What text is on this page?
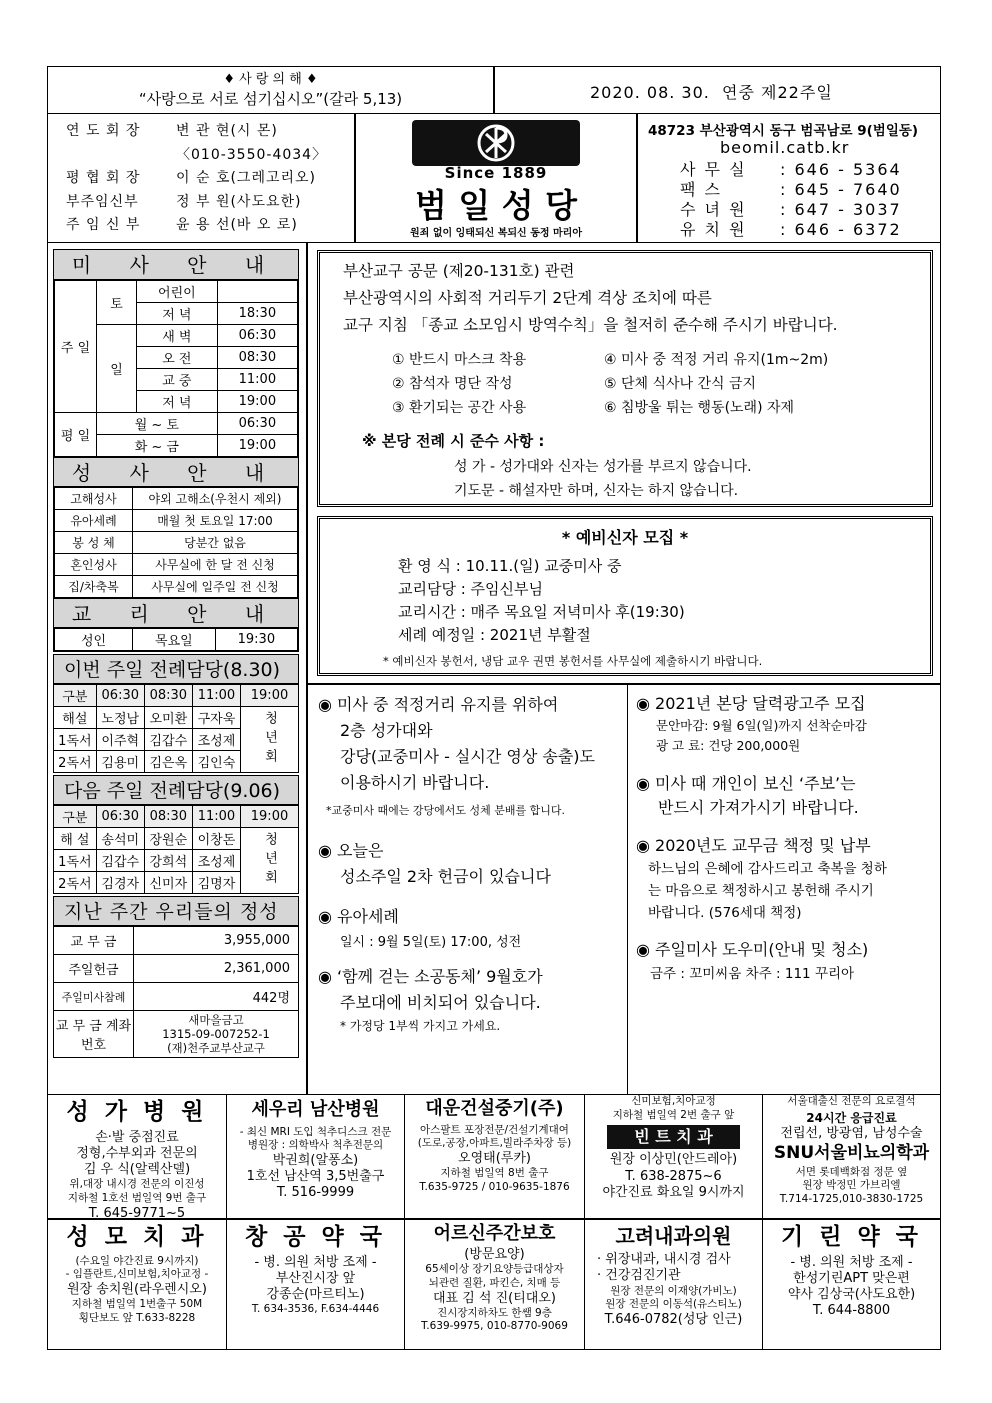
♦ 사 랑 의 해 ♦
“사랑으로 서로 섬기십시오”(갈라 5,13)	2020. 08. 30. 연중 제22주일
연 도 회 장	변 관 현(시 몬)
〈010-3550-4034〉
평 협 회 장	이 순 호(그레고리오)
부주임신부	정 부 원(사도요한)
주 임 신 부	윤 용 선(바 오 로)
Since 1889
범 일 성 당
원죄 없이 잉태되신 복되신 동정 마리아
48723 부산광역시 동구 범곡남로 9(범일동)
beomil.catb.kr
사 무 실 : 646 - 5364
팩 스	: 645 - 7640
수 녀 원 : 647 - 3037
유 치 원 : 646 - 6372
미 사 안 내
주 일	토	어린이	
		저 녁	18:30
	일	새 벽	06:30
		오 전	08:30
		교 중	11:00
		저 녁	19:00
평 일	월 ~ 토		06:30
	화 ~ 금		19:00
성 사 안 내
고해성사	야외 고해소(우천시 제외)
유아세례	매월 첫 토요일 17:00
봉 성 체	당분간 없음
혼인성사	사무실에 한 달 전 신청
집/차축복	사무실에 일주일 전 신청
교 리 안 내
성인	목요일	19:30
이번 주일 전례담당(8.30)
구분	06:30	08:30	11:00	19:00
해설	노정남	오미환	구자욱	청년회
1독서	이주혁	김갑수	조성제	
2독서	김용미	김은옥	김인숙	
다음 주일 전례담당(9.06)
구분	06:30	08:30	11:00	19:00
해 설	송석미	장원순	이창돈	청년회
1독서	김갑수	강희석	조성제	
2독서	김경자	신미자	김명자	
지난 주간 우리들의 정성
교 무 금	3,955,000
주일헌금	2,361,000
주일미사참례	442명
교 무 금 계좌번호	새마을금고
1315-09-007252-1
(재)천주교부산교구
부산교구 공문 (제20-131호) 관련
부산광역시의 사회적 거리두기 2단계 격상 조치에 따른
교구 지침 「종교 소모임시 방역수칙」을 철저히 준수해 주시기 바랍니다.
① 반드시 마스크 착용	④ 미사 중 적정 거리 유지(1m~2m)
② 참석자 명단 작성	⑤ 단체 식사나 간식 금지
③ 환기되는 공간 사용	⑥ 침방울 튀는 행동(노래) 자제
※ 본당 전례 시 준수 사항 :
성 가 - 성가대와 신자는 성가를 부르지 않습니다.
기도문 - 해설자만 하며, 신자는 하지 않습니다.
* 예비신자 모집 *
환 영 식 : 10.11.(일) 교중미사 중
교리담당 : 주임신부님
교리시간 : 매주 목요일 저녁미사 후(19:30)
세례 예정일 : 2021년 부활절
* 예비신자 봉헌서, 냉담 교우 권면 봉헌서를 사무실에 제출하시기 바랍니다.
◉ 미사 중 적정거리 유지를 위하여
2층 성가대와
강당(교중미사 - 실시간 영상 송출)도
이용하시기 바랍니다.
*교중미사 때에는 강당에서도 성체 분배를 합니다.
◉ 오늘은
성소주일 2차 헌금이 있습니다
◉ 유아세례
일시 : 9월 5일(토) 17:00, 성전
◉ ‘함께 걷는 소공동체’ 9월호가
주보대에 비치되어 있습니다.
* 가정당 1부씩 가지고 가세요.
◉ 2021년 본당 달력광고주 모집
문안마감: 9월 6일(일)까지 선착순마감
광 고 료: 건당 200,000원
◉ 미사 때 개인이 보신 ‘주보’는
반드시 가져가시기 바랍니다.
◉ 2020년도 교무금 책정 및 납부
하느님의 은혜에 감사드리고 축복을 청하
는 마음으로 책정하시고 봉헌해 주시기
바랍니다. (576세대 책정)
◉ 주일미사 도우미(안내 및 청소)
금주 : 꼬미씨움 차주 : 111 꾸리아
성 가 병 원
손·발 중점진료
정형,수부외과 전문의
김 우 식(알렉산델)
위,대장 내시경 전문의 이진성
지하철 1호선 범일역 9번 출구
T. 645-9771~5
세우리 남산병원
- 최신 MRI 도입 척추디스크 전문
병원장 : 의학박사 척추전문의
박권희(알퐁소)
1호선 남산역 3,5번출구
T. 516-9999
대운건설중기(주)
아스팔트 포장전문/건설기계대여
(도로,공장,아파트,빌라주차장 등)
오영태(루카)
지하철 범일역 8번 출구
T.635-9725 / 010-9635-1876
신미보험,치아교정
지하철 범일역 2번 출구 앞
빈 트 치 과
원장 이상민(안드레아)
T. 638-2875~6
야간진료 화요일 9시까지
서울대출신 전문의 요로결석
24시간 응급진료
전립선, 방광염, 남성수술
SNU서울비뇨의학과
서면 롯데백화점 정문 옆
원장 박정민 가브리엘
T.714-1725,010-3830-1725
성 모 치 과
(수요일 야간진료 9시까지)
- 임플란트,신미보험,치아교정 -
원장 송치원(라우렌시오)
지하철 범일역 1번출구 50M
횡단보도 앞 T.633-8228
창 공 약 국
- 병. 의원 처방 조제 -
부산진시장 앞
강종순(마르티노)
T. 634-3536, F.634-4446
어르신주간보호
(방문요양)
65세이상 장기요양등급대상자
뇌관련 질환, 파킨슨, 치매 등
대표 김 석 진(티대오)
진시장지하차도 한쌤 9층
T.639-9975, 010-8770-9069
고려내과의원
· 위장내과, 내시경 검사
· 건강검진기관
원장 전문의 이재양(가비노)
원장 전문의 이동석(유스티노)
T.646-0782(성당 인근)
기 린 약 국
- 병. 의원 처방 조제 -
한성기린APT 맞은편
약사 김상국(사도요한)
T. 644-8800
